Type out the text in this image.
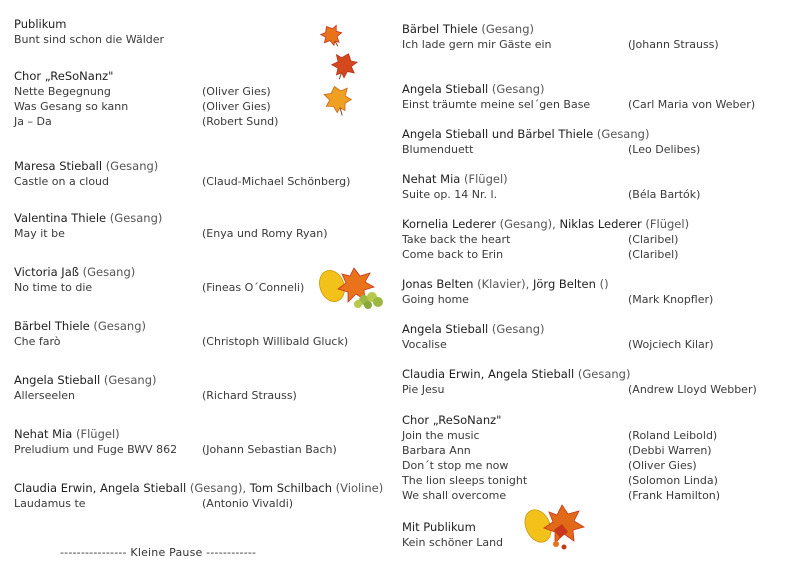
Publikum
Bunt sind schon die Wälder
Chor „ReSoNanz"
Nette Begegnung	(Oliver Gies)
Was Gesang so kann	(Oliver Gies)
Ja – Da	(Robert Sund)
Maresa Stieball (Gesang)
Castle on a cloud	(Claud-Michael Schönberg)
Valentina Thiele (Gesang)
May it be	(Enya und Romy Ryan)
Victoria Jaß (Gesang)
No time to die	(Fineas O´Conneli)
Bärbel Thiele (Gesang)
Che farò	(Christoph Willibald Gluck)
Angela Stieball (Gesang)
Allerseelen	(Richard Strauss)
Nehat Mia (Flügel)
Preludium und Fuge BWV 862 (Johann Sebastian Bach)
Claudia Erwin, Angela Stieball (Gesang), Tom Schilbach (Violine)
Laudamus te	(Antonio Vivaldi)
---------------- Kleine Pause ------------
Bärbel Thiele (Gesang)
Ich lade gern mir Gäste ein	(Johann Strauss)
Angela Stieball (Gesang)
Einst träumte meine sel´gen Base	(Carl Maria von Weber)
Angela Stieball und Bärbel Thiele (Gesang)
Blumenduett	(Leo Delibes)
Nehat Mia (Flügel)
Suite op. 14 Nr. l.	(Béla Bartók)
Kornelia Lederer (Gesang), Niklas Lederer (Flügel)
Take back the heart	(Claribel)
Come back to Erin	(Claribel)
Jonas Belten (Klavier), Jörg Belten ()
Going home	(Mark Knopfler)
Angela Stieball (Gesang)
Vocalise	(Wojciech Kilar)
Claudia Erwin, Angela Stieball (Gesang)
Pie Jesu	(Andrew Lloyd Webber)
Chor „ReSoNanz"
Join the music	(Roland Leibold)
Barbara Ann	(Debbi Warren)
Don´t stop me now	(Oliver Gies)
The lion sleeps tonight	(Solomon Linda)
We shall overcome	(Frank Hamilton)
Mit Publikum
Kein schöner Land
